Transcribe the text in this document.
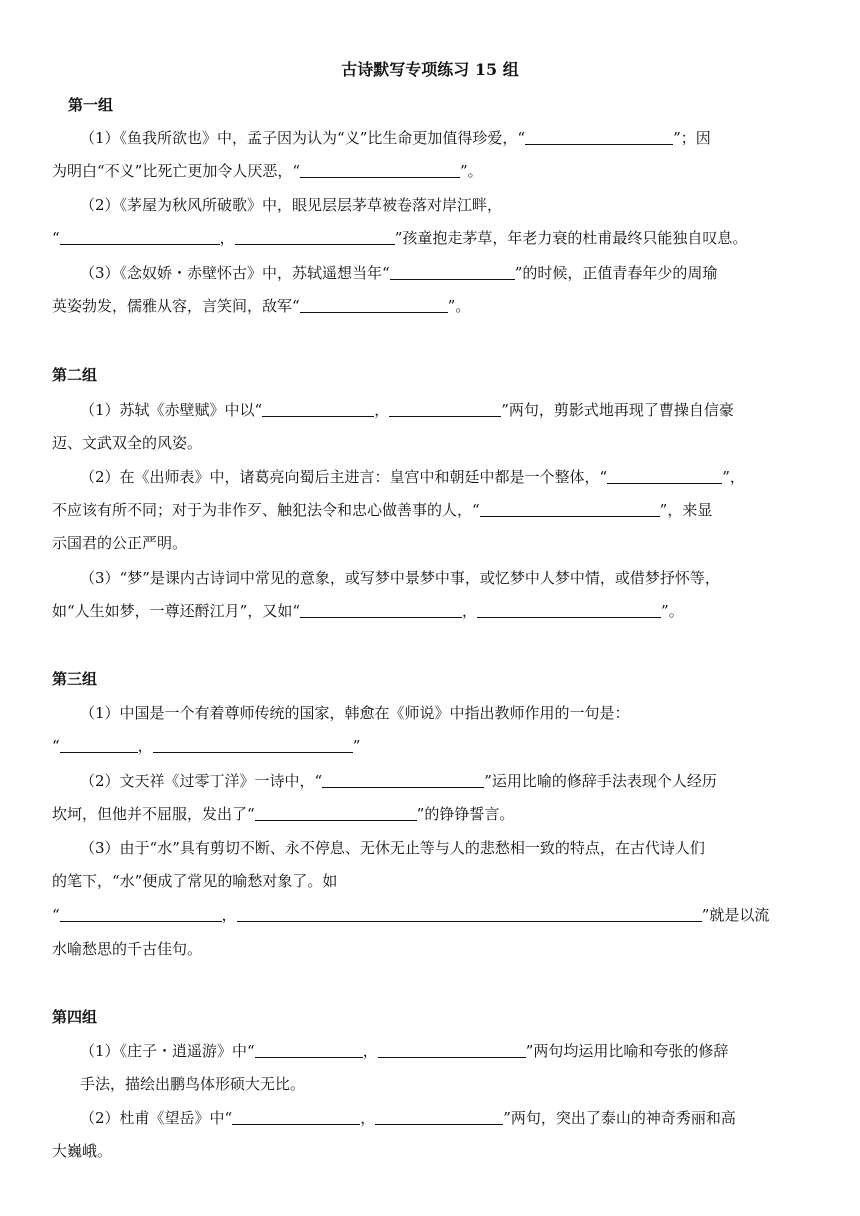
古诗默写专项练习 15 组
第一组
（1）《鱼我所欲也》中，孟子因为认为“义”比生命更加值得珍爱，“	”；因
为明白“不义”比死亡更加令人厌恶，“	”。
（2）《茅屋为秋风所破歌》中，眼见层层茅草被卷落对岸江畔，
“	，	”孩童抱走茅草，年老力衰的杜甫最终只能独自叹息。
（3）《念奴娇・赤壁怀古》中，苏轼遥想当年“	”的时候，正值青春年少的周瑜
英姿勃发，儒雅从容，言笑间，敌军“	”。
第二组
（1）苏轼《赤壁赋》中以“	，	”两句，剪影式地再现了曹操自信豪
迈、文武双全的风姿。
（2）在《出师表》中，诸葛亮向蜀后主进言：皇宫中和朝廷中都是一个整体，“	”，
不应该有所不同；对于为非作歹、触犯法令和忠心做善事的人，“	”，来显
示国君的公正严明。
（3）“梦”是课内古诗词中常见的意象，或写梦中景梦中事，或忆梦中人梦中情，或借梦抒怀等，
如“人生如梦，一尊还酹江月”，又如“	，	”。
第三组
（1）中国是一个有着尊师传统的国家，韩愈在《师说》中指出教师作用的一句是：
“	，	”
（2）文天祥《过零丁洋》一诗中，“	”运用比喻的修辞手法表现个人经历
坎坷，但他并不屈服，发出了“	”的铮铮誓言。
（3）由于“水”具有剪切不断、永不停息、无休无止等与人的悲愁相一致的特点，在古代诗人们
的笔下，“水”便成了常见的喻愁对象了。如
“	，	”就是以流
水喻愁思的千古佳句。
第四组
（1）《庄子・逍遥游》中“	，	”两句均运用比喻和夸张的修辞
手法，描绘出鹏鸟体形硕大无比。
（2）杜甫《望岳》中“	，	”两句，突出了泰山的神奇秀丽和高
大巍峨。
